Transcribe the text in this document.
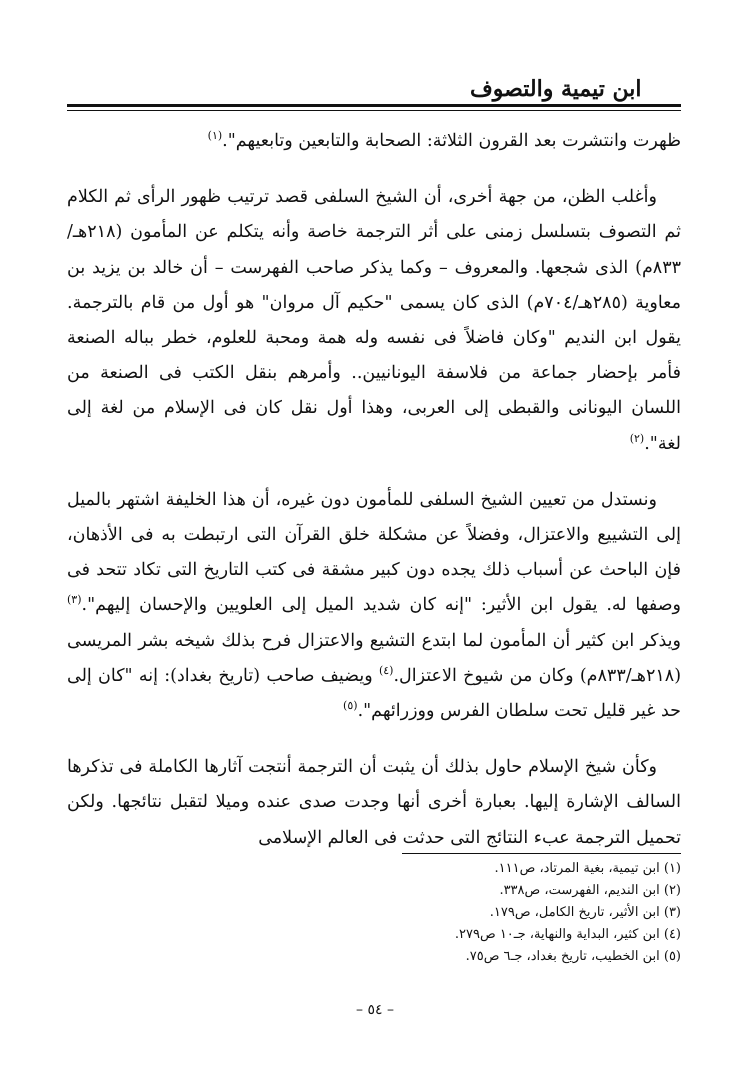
ابن تيمية والتصوف

ظهرت وانتشرت بعد القرون الثلاثة: الصحابة والتابعين وتابعيهم".$^{(١)}$

وأغلب الظن، من جهة أخرى، أن الشيخ السلفى قصد ترتيب ظهور الرأى ثم الكلام ثم التصوف بتسلسل زمنى على أثر الترجمة خاصة وأنه يتكلم عن المأمون (٢١٨هـ/٨٣٣م) الذى شجعها. والمعروف – وكما يذكر صاحب الفهرست – أن خالد بن يزيد بن معاوية (٢٨٥هـ/٧٠٤م) الذى كان يسمى "حكيم آل مروان" هو أول من قام بالترجمة. يقول ابن النديم "وكان فاضلاً فى نفسه وله همة ومحبة للعلوم، خطر بباله الصنعة فأمر بإحضار جماعة من فلاسفة اليونانيين.. وأمرهم بنقل الكتب فى الصنعة من اللسان اليونانى والقبطى إلى العربى، وهذا أول نقل كان فى الإسلام من لغة إلى لغة".$^{(٢)}$

ونستدل من تعيين الشيخ السلفى للمأمون دون غيره، أن هذا الخليفة اشتهر بالميل إلى التشييع والاعتزال، وفضلاً عن مشكلة خلق القرآن التى ارتبطت به فى الأذهان، فإن الباحث عن أسباب ذلك يجده دون كبير مشقة فى كتب التاريخ التى تكاد تتحد فى وصفها له. يقول ابن الأثير: "إنه كان شديد الميل إلى العلويين والإحسان إليهم".$^{(٣)}$ ويذكر ابن كثير أن المأمون لما ابتدع التشيع والاعتزال فرح بذلك شيخه بشر المريسى (٢١٨هـ/٨٣٣م) وكان من شيوخ الاعتزال.$^{(٤)}$ ويضيف صاحب (تاريخ بغداد): إنه "كان إلى حد غير قليل تحت سلطان الفرس ووزرائهم".$^{(٥)}$

وكأن شيخ الإسلام حاول بذلك أن يثبت أن الترجمة أنتجت آثارها الكاملة فى تذكرها السالف الإشارة إليها. بعبارة أخرى أنها وجدت صدى عنده وميلا لتقبل نتائجها. ولكن تحميل الترجمة عبء النتائج التى حدثت فى العالم الإسلامى

(١) ابن تيمية، بغية المرتاد، ص١١١.
(٢) ابن النديم، الفهرست، ص٣٣٨.
(٣) ابن الأثير، تاريخ الكامل، ص١٧٩.
(٤) ابن كثير، البداية والنهاية، جـ١٠ ص٢٧٩.
(٥) ابن الخطيب، تاريخ بغداد، جـ٦ ص٧٥.
– ٥٤ –
